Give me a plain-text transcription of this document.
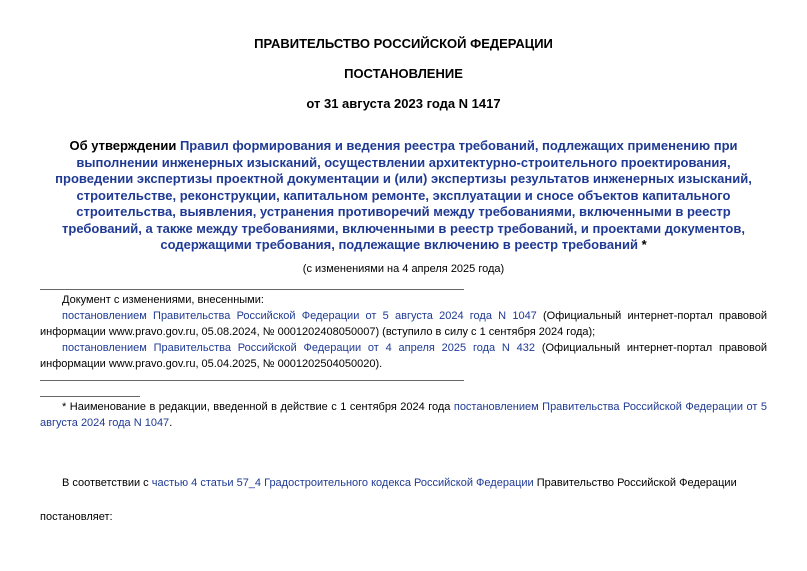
ПРАВИТЕЛЬСТВО РОССИЙСКОЙ ФЕДЕРАЦИИ
ПОСТАНОВЛЕНИЕ
от 31 августа 2023 года N 1417
Об утверждении Правил формирования и ведения реестра требований, подлежащих применению при выполнении инженерных изысканий, осуществлении архитектурно-строительного проектирования, проведении экспертизы проектной документации и (или) экспертизы результатов инженерных изысканий, строительстве, реконструкции, капитальном ремонте, эксплуатации и сносе объектов капитального строительства, выявления, устранения противоречий между требованиями, включенными в реестр требований, а также между требованиями, включенными в реестр требований, и проектами документов, содержащими требования, подлежащие включению в реестр требований *
(с изменениями на 4 апреля 2025 года)
Документ с изменениями, внесенными:
постановлением Правительства Российской Федерации от 5 августа 2024 года N 1047 (Официальный интернет-портал правовой информации www.pravo.gov.ru, 05.08.2024, № 0001202408050007) (вступило в силу с 1 сентября 2024 года);
постановлением Правительства Российской Федерации от 4 апреля 2025 года N 432 (Официальный интернет-портал правовой информации www.pravo.gov.ru, 05.04.2025, № 0001202504050020).
* Наименование в редакции, введенной в действие с 1 сентября 2024 года постановлением Правительства Российской Федерации от 5 августа 2024 года N 1047.
В соответствии с частью 4 статьи 57_4 Градостроительного кодекса Российской Федерации Правительство Российской Федерации
постановляет:
